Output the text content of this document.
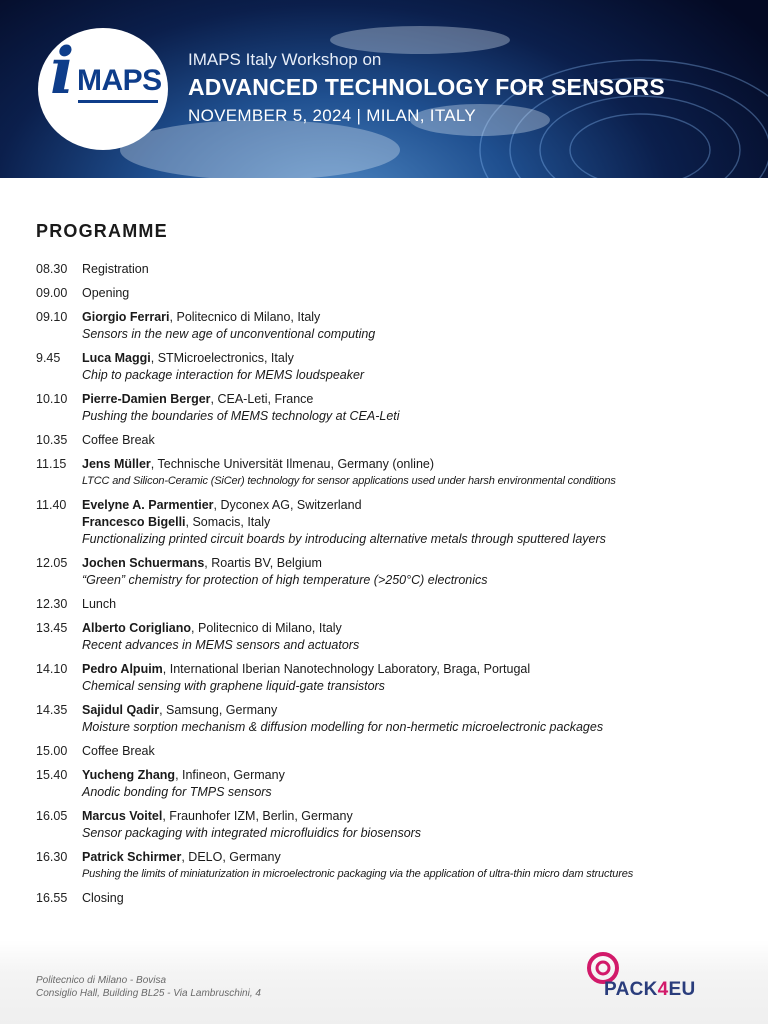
i MAPS
IMAPS Italy Workshop on
ADVANCED TECHNOLOGY FOR SENSORS
NOVEMBER 5, 2024 | MILAN, ITALY
PROGRAMME
08.30 Registration
09.00 Opening
09.10 Giorgio Ferrari, Politecnico di Milano, Italy
Sensors in the new age of unconventional computing
9.45 Luca Maggi, STMicroelectronics, Italy
Chip to package interaction for MEMS loudspeaker
10.10 Pierre-Damien Berger, CEA-Leti, France
Pushing the boundaries of MEMS technology at CEA-Leti
10.35 Coffee Break
11.15 Jens Müller, Technische Universität Ilmenau, Germany (online)
LTCC and Silicon-Ceramic (SiCer) technology for sensor applications used under harsh environmental conditions
11.40 Evelyne A. Parmentier, Dyconex AG, Switzerland
Francesco Bigelli, Somacis, Italy
Functionalizing printed circuit boards by introducing alternative metals through sputtered layers
12.05 Jochen Schuermans, Roartis BV, Belgium
“Green” chemistry for protection of high temperature (>250°C) electronics
12.30 Lunch
13.45 Alberto Corigliano, Politecnico di Milano, Italy
Recent advances in MEMS sensors and actuators
14.10 Pedro Alpuim, International Iberian Nanotechnology Laboratory, Braga, Portugal
Chemical sensing with graphene liquid-gate transistors
14.35 Sajidul Qadir, Samsung, Germany
Moisture sorption mechanism & diffusion modelling for non-hermetic microelectronic packages
15.00 Coffee Break
15.40 Yucheng Zhang, Infineon, Germany
Anodic bonding for TMPS sensors
16.05 Marcus Voitel, Fraunhofer IZM, Berlin, Germany
Sensor packaging with integrated microfluidics for biosensors
16.30 Patrick Schirmer, DELO, Germany
Pushing the limits of miniaturization in microelectronic packaging via the application of ultra-thin micro dam structures
16.55 Closing
Politecnico di Milano - Bovisa
Consiglio Hall, Building BL25 - Via Lambruschini, 4	PACK4EU
